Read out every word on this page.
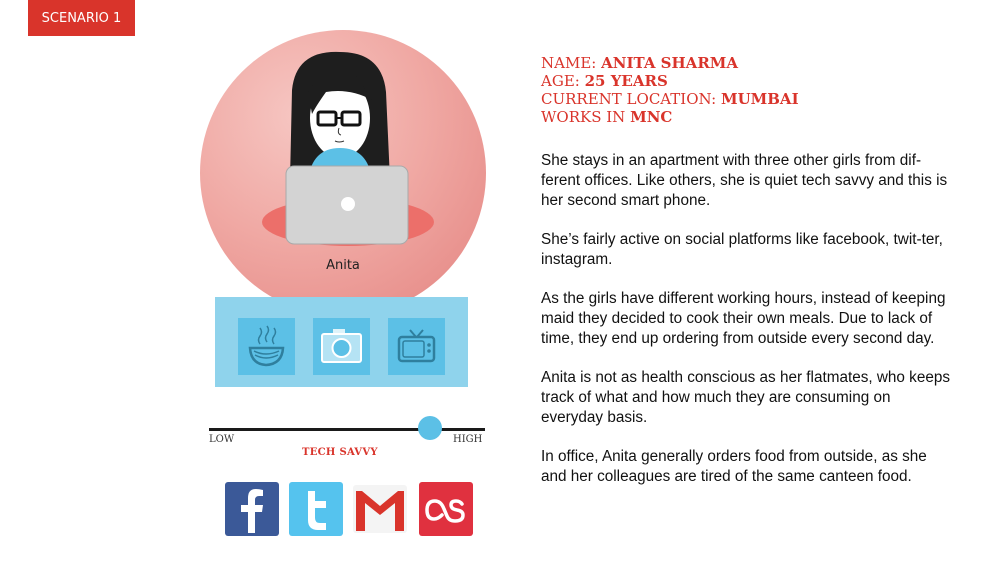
SCENARIO 1
Anita
LOW	HIGH
TECH SAVVY
NAME: ANITA SHARMA
AGE: 25 YEARS
CURRENT LOCATION: MUMBAI
WORKS IN MNC

She stays in an apartment with three other girls from dif-ferent offices. Like others, she is quiet tech savvy and this is her second smart phone.

She’s fairly active on social platforms like facebook, twit-ter, instagram.

As the girls have different working hours, instead of keeping maid they decided to cook their own meals. Due to lack of time, they end up ordering from outside every second day.

Anita is not as health conscious as her flatmates, who keeps track of what and how much they are consuming on everyday basis.

In office, Anita generally orders food from outside, as she and her colleagues are tired of the same canteen food.
